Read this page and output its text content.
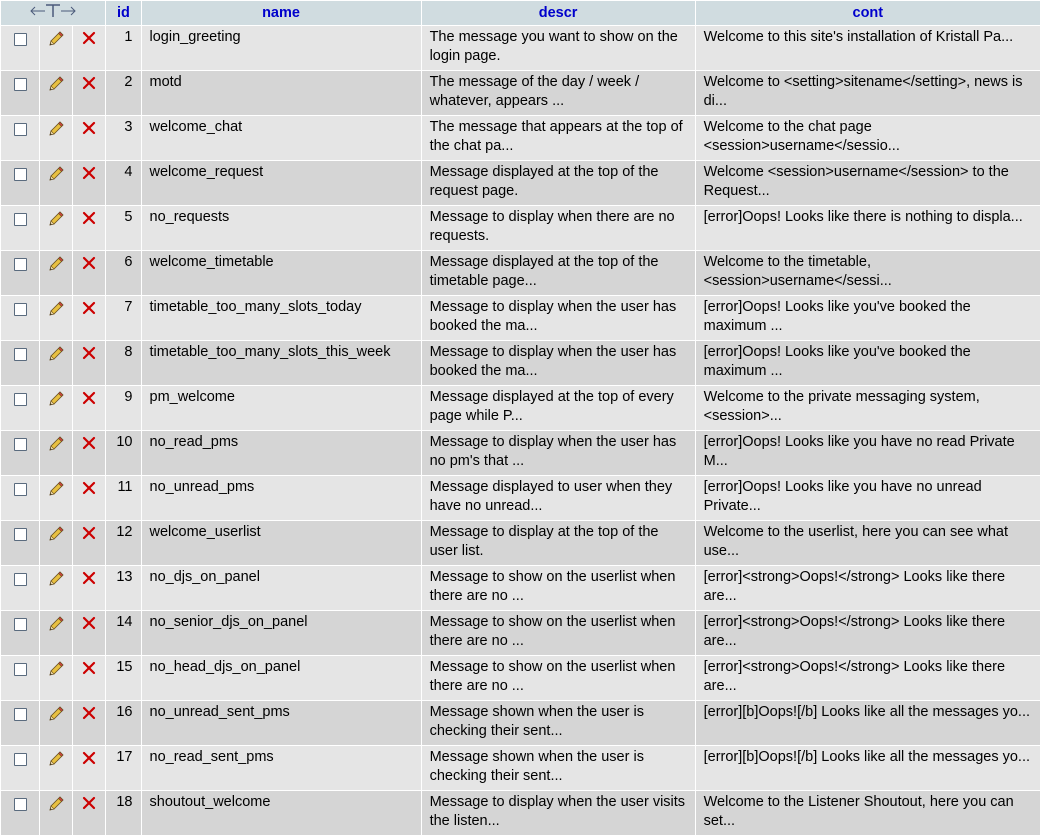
	id	name	descr	cont
			1	login_greeting	The message you want to show on the login page.	Welcome to this site's installation of Kristall Pa...
			2	motd	The message of the day / week / whatever, appears ...	Welcome to <setting>sitename</setting>, news is di...
			3	welcome_chat	The message that appears at the top of the chat pa...	Welcome to the chat page <session>username</sessio...
			4	welcome_request	Message displayed at the top of the request page.	Welcome <session>username</session> to the Request...
			5	no_requests	Message to display when there are no requests.	[error]Oops! Looks like there is nothing to displa...
			6	welcome_timetable	Message displayed at the top of the timetable page...	Welcome to the timetable, <session>username</sessi...
			7	timetable_too_many_slots_today	Message to display when the user has booked the ma...	[error]Oops! Looks like you've booked the maximum ...
			8	timetable_too_many_slots_this_week	Message to display when the user has booked the ma...	[error]Oops! Looks like you've booked the maximum ...
			9	pm_welcome	Message displayed at the top of every page while P...	Welcome to the private messaging system, <session>...
			10	no_read_pms	Message to display when the user has no pm's that ...	[error]Oops! Looks like you have no read Private M...
			11	no_unread_pms	Message displayed to user when they have no unread...	[error]Oops! Looks like you have no unread Private...
			12	welcome_userlist	Message to display at the top of the user list.	Welcome to the userlist, here you can see what use...
			13	no_djs_on_panel	Message to show on the userlist when there are no ...	[error]<strong>Oops!</strong> Looks like there are...
			14	no_senior_djs_on_panel	Message to show on the userlist when there are no ...	[error]<strong>Oops!</strong> Looks like there are...
			15	no_head_djs_on_panel	Message to show on the userlist when there are no ...	[error]<strong>Oops!</strong> Looks like there are...
			16	no_unread_sent_pms	Message shown when the user is checking their sent...	[error][b]Oops![/b] Looks like all the messages yo...
			17	no_read_sent_pms	Message shown when the user is checking their sent...	[error][b]Oops![/b] Looks like all the messages yo...
			18	shoutout_welcome	Message to display when the user visits the listen...	Welcome to the Listener Shoutout, here you can set...
